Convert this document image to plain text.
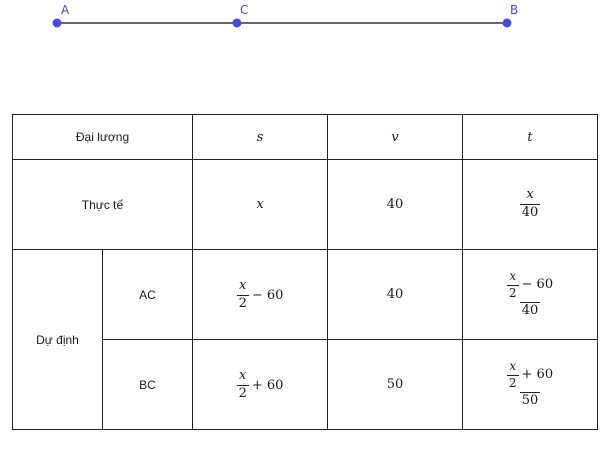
A	C	B
Đại lượng		s	v	t
Thực tế		x	40	$\frac{x}{40}$

Dự định	AC	$\frac{x}{2} - 60$	40	$\frac{\frac{x}{2} - 60}{40}$

	BC	$\frac{x}{2} + 60$	50	$\frac{\frac{x}{2} + 60}{50}$
